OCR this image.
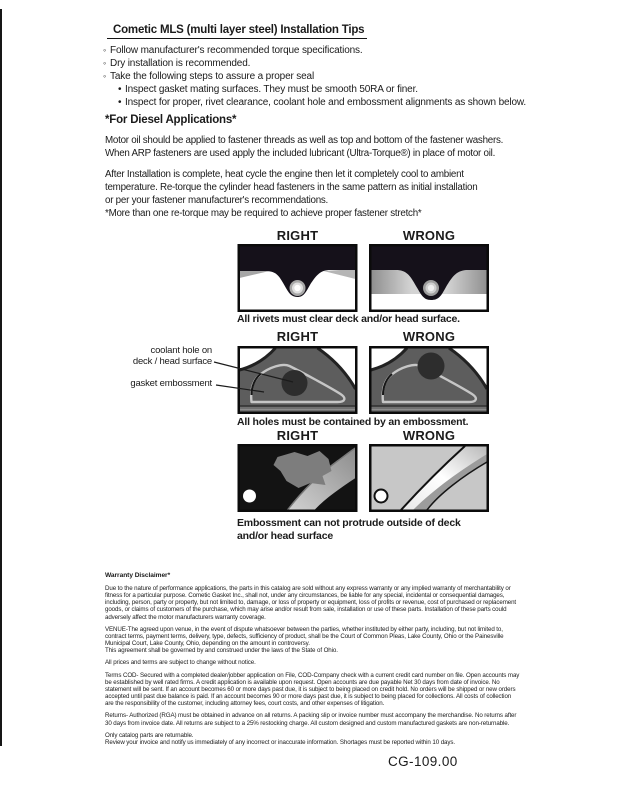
Cometic MLS (multi layer steel) Installation Tips
◦ Follow manufacturer's recommended torque specifications.
◦ Dry installation is recommended.
◦ Take the following steps to assure a proper seal
• Inspect gasket mating surfaces. They must be smooth 50RA or finer.
• Inspect for proper, rivet clearance, coolant hole and embossment alignments as shown below.
*For Diesel Applications*
Motor oil should be applied to fastener threads as well as top and bottom of the fastener washers.
When ARP fasteners are used apply the included lubricant (Ultra-Torque®) in place of motor oil.
After Installation is complete, heat cycle the engine then let it completely cool to ambient
temperature. Re-torque the cylinder head fasteners in the same pattern as initial installation
or per your fastener manufacturer's recommendations.
*More than one re-torque may be required to achieve proper fastener stretch*
RIGHT	WRONG
All rivets must clear deck and/or head surface.
RIGHT	WRONG
coolant hole on
deck / head surface
gasket embossment
All holes must be contained by an embossment.
RIGHT	WRONG
Embossment can not protrude outside of deck
and/or head surface
Warranty Disclaimer*

Due to the nature of performance applications, the parts in this catalog are sold without any express warranty or any implied warranty of merchantability or
fitness for a particular purpose. Cometic Gasket Inc., shall not, under any circumstances, be liable for any special, incidental or consequential damages,
including, person, party or property, but not limited to, damage, or loss of property or equipment, loss of profits or revenue, cost of purchased or replacement
goods, or claims of customers of the purchase, which may arise and/or result from sale, installation or use of these parts. Installation of these parts could
adversely affect the motor manufacturers warranty coverage.

VENUE-The agreed upon venue, in the event of dispute whatsoever between the parties, whether instituted by either party, including, but not limited to,
contract terms, payment terms, delivery, type, defects, sufficiency of product, shall be the Court of Common Pleas, Lake County, Ohio or the Painesville
Municipal Court, Lake County, Ohio, depending on the amount in controversy.
This agreement shall be governed by and construed under the laws of the State of Ohio.

All prices and terms are subject to change without notice.

Terms COD- Secured with a completed dealer/jobber application on File, COD-Company check with a current credit card number on file. Open accounts may
be established by well rated firms. A credit application is available upon request. Open accounts are due payable Net 30 days from date of invoice. No
statement will be sent. If an account becomes 60 or more days past due, it is subject to being placed on credit hold. No orders will be shipped or new orders
accepted until past due balance is paid. If an account becomes 90 or more days past due, it is subject to being placed for collections. All costs of collection
are the responsibility of the customer, including attorney fees, court costs, and other expenses of litigation.

Returns- Authorized (RGA) must be obtained in advance on all returns. A packing slip or invoice number must accompany the merchandise. No returns after
30 days from invoice date. All returns are subject to a 25% restocking charge. All custom designed and custom manufactured gaskets are non-returnable.

Only catalog parts are returnable.
Review your invoice and notify us immediately of any incorrect or inaccurate information. Shortages must be reported within 10 days.

CG-109.00
